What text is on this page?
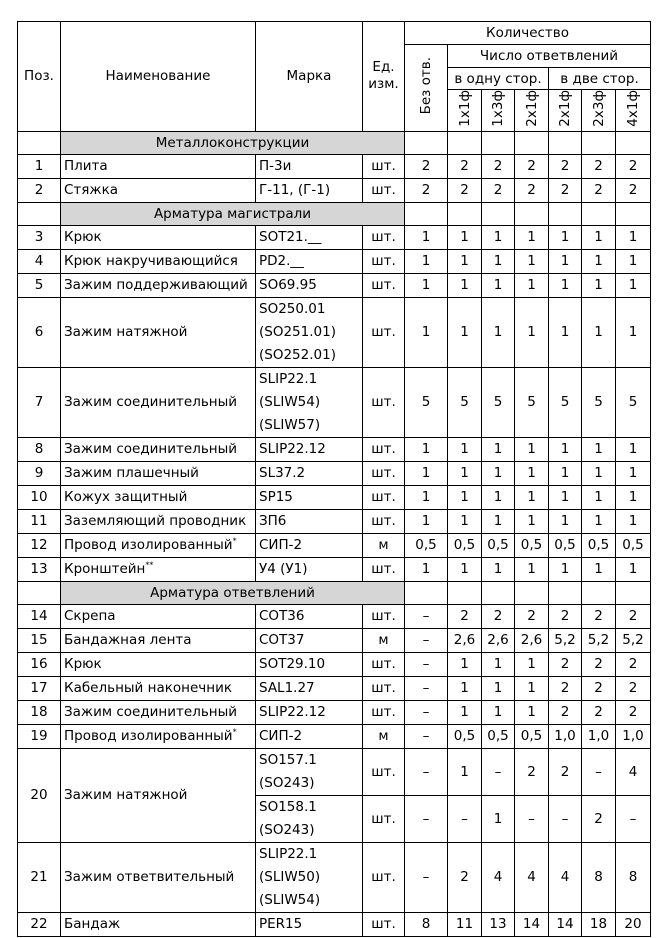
Поз.	Наименование	Марка	Ед. изм.	Количество						
				Без отв.	Число ответвлений					
					в одну стор.			в две стор.		
					1х1ф	1х3ф	2х1ф	2х1ф	2х3ф	4х1ф
	Металлоконструкции									
1	Плита	П-3и	шт.	2	2	2	2	2	2	2
2	Стяжка	Г-11, (Г-1)	шт.	2	2	2	2	2	2	2
	Арматура магистрали									
3	Крюк	SOT21.__	шт.	1	1	1	1	1	1	1
4	Крюк накручивающийся	PD2.__	шт.	1	1	1	1	1	1	1
5	Зажим поддерживающий	SO69.95	шт.	1	1	1	1	1	1	1
6	Зажим натяжной	SO250.01
(SO251.01)
(SO252.01)	шт.	1	1	1	1	1	1	1
7	Зажим соединительный	SLIP22.1
(SLIW54)
(SLIW57)	шт.	5	5	5	5	5	5	5
8	Зажим соединительный	SLIP22.12	шт.	1	1	1	1	1	1	1
9	Зажим плашечный	SL37.2	шт.	1	1	1	1	1	1	1
10	Кожух защитный	SP15	шт.	1	1	1	1	1	1	1
11	Заземляющий проводник	ЗП6	шт.	1	1	1	1	1	1	1
12	Провод изолированный*	СИП-2	м	0,5	0,5	0,5	0,5	0,5	0,5	0,5
13	Кронштейн**	У4 (У1)	шт.	1	1	1	1	1	1	1
	Арматура ответвлений									
14	Скрепа	COT36	шт.	–	2	2	2	2	2	2
15	Бандажная лента	COT37	м	–	2,6	2,6	2,6	5,2	5,2	5,2
16	Крюк	SOT29.10	шт.	–	1	1	1	2	2	2
17	Кабельный наконечник	SAL1.27	шт.	–	1	1	1	2	2	2
18	Зажим соединительный	SLIP22.12	шт.	–	1	1	1	2	2	2
19	Провод изолированный*	СИП-2	м	–	0,5	0,5	0,5	1,0	1,0	1,0
20	Зажим натяжной	SO157.1
(SO243)	шт.	–	1	–	2	2	–	4

		SO158.1
(SO243)	шт.	–	–	1	–	–	2	–
21	Зажим ответвительный	SLIP22.1
(SLIW50)
(SLIW54)	шт.	–	2	4	4	4	8	8
22	Бандаж	PER15	шт.	8	11	13	14	14	18	20
